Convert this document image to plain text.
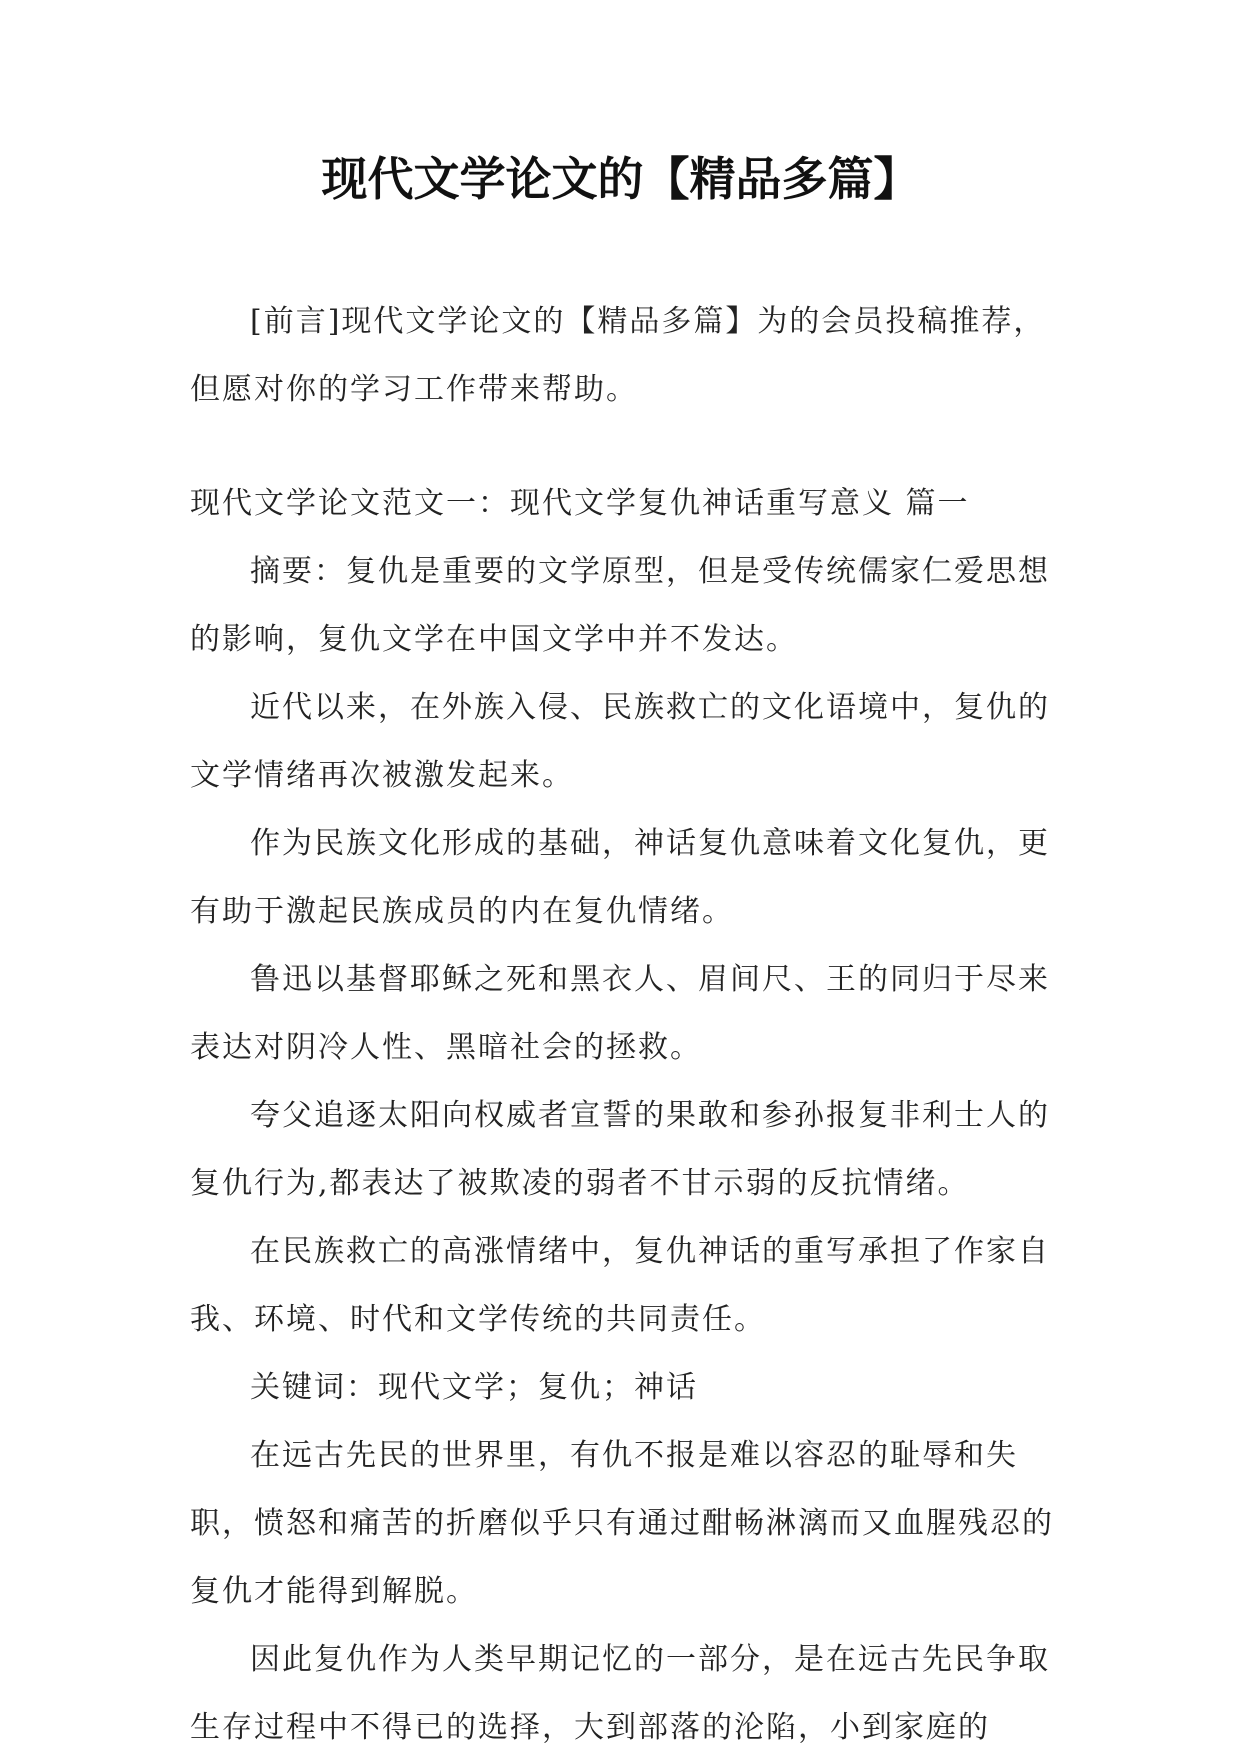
现代文学论文的【精品多篇】

[前言]现代文学论文的【精品多篇】为的会员投稿推荐，但愿对你的学习工作带来帮助。

现代文学论文范文一：现代文学复仇神话重写意义 篇一

摘要：复仇是重要的文学原型，但是受传统儒家仁爱思想的影响，复仇文学在中国文学中并不发达。

近代以来，在外族入侵、民族救亡的文化语境中，复仇的文学情绪再次被激发起来。

作为民族文化形成的基础，神话复仇意味着文化复仇，更有助于激起民族成员的内在复仇情绪。

鲁迅以基督耶稣之死和黑衣人、眉间尺、王的同归于尽来表达对阴冷人性、黑暗社会的拯救。

夸父追逐太阳向权威者宣誓的果敢和参孙报复非利士人的复仇行为,都表达了被欺凌的弱者不甘示弱的反抗情绪。

在民族救亡的高涨情绪中，复仇神话的重写承担了作家自我、环境、时代和文学传统的共同责任。

关键词：现代文学；复仇；神话

在远古先民的世界里，有仇不报是难以容忍的耻辱和失职，愤怒和痛苦的折磨似乎只有通过酣畅淋漓而又血腥残忍的复仇才能得到解脱。

因此复仇作为人类早期记忆的一部分，是在远古先民争取生存过程中不得已的选择，大到部落的沦陷，小到家庭的
